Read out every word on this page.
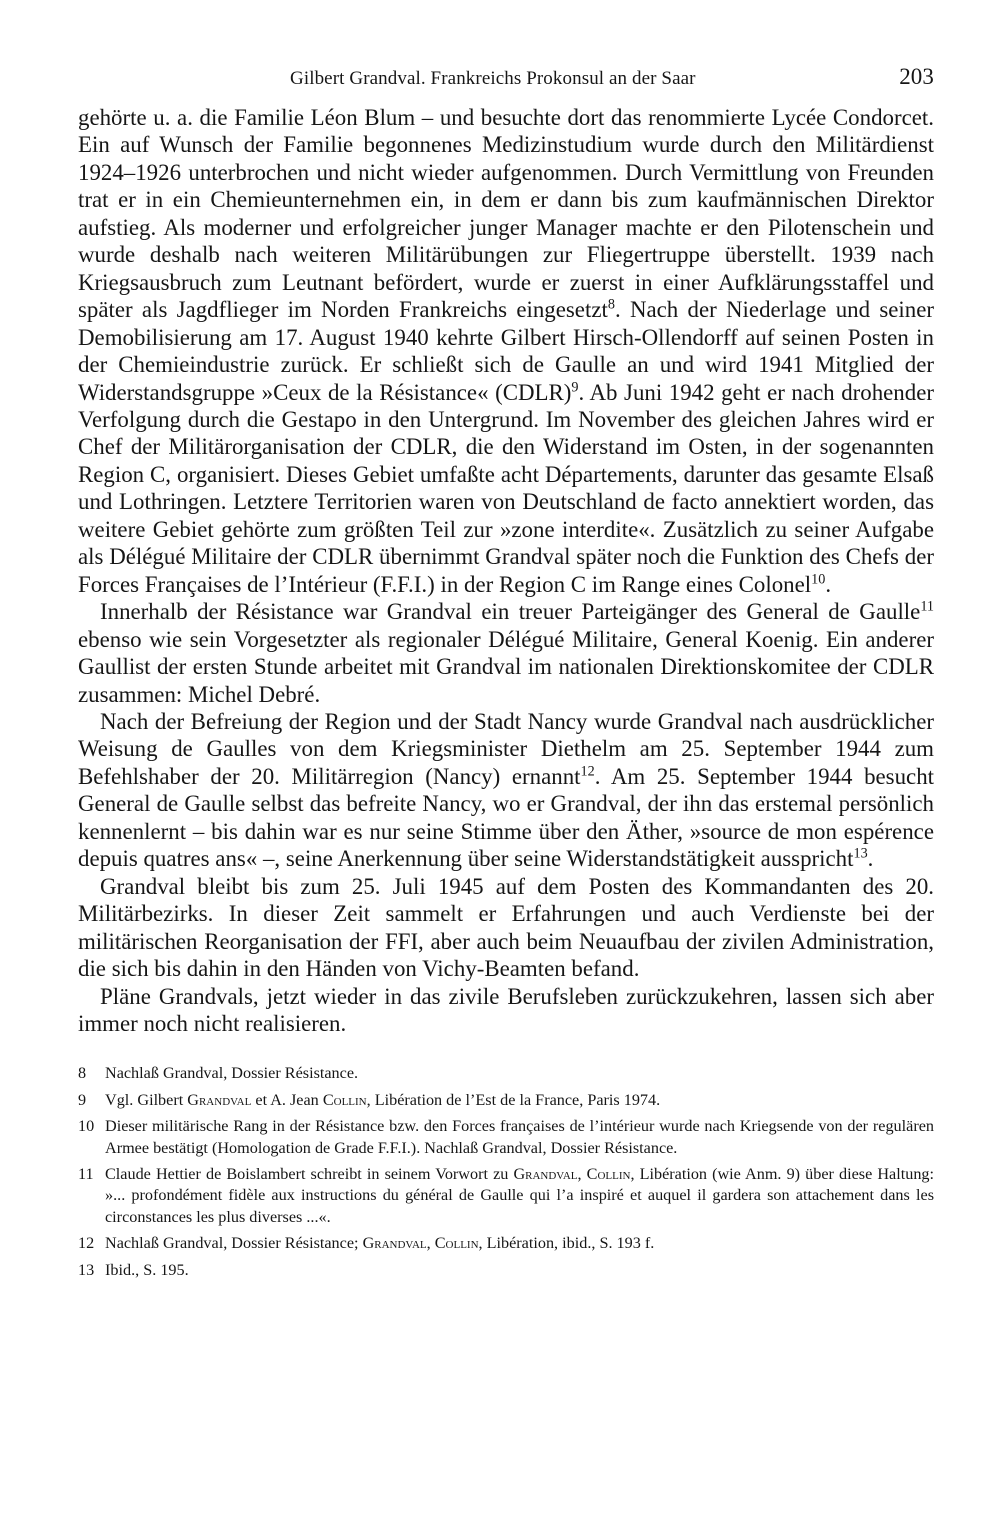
Gilbert Grandval. Frankreichs Prokonsul an der Saar	203

gehörte u. a. die Familie Léon Blum – und besuchte dort das renommierte Lycée Condorcet. Ein auf Wunsch der Familie begonnenes Medizinstudium wurde durch den Militärdienst 1924–1926 unterbrochen und nicht wieder aufgenommen. Durch Vermittlung von Freunden trat er in ein Chemieunternehmen ein, in dem er dann bis zum kaufmännischen Direktor aufstieg. Als moderner und erfolgreicher junger Manager machte er den Pilotenschein und wurde deshalb nach weiteren Militärübungen zur Fliegertruppe überstellt. 1939 nach Kriegsausbruch zum Leutnant befördert, wurde er zuerst in einer Aufklärungsstaffel und später als Jagdflieger im Norden Frankreichs eingesetzt$^8$. Nach der Niederlage und seiner Demobilisierung am 17. August 1940 kehrte Gilbert Hirsch-Ollendorff auf seinen Posten in der Chemieindustrie zurück. Er schließt sich de Gaulle an und wird 1941 Mitglied der Widerstandsgruppe »Ceux de la Résistance« (CDLR)$^9$. Ab Juni 1942 geht er nach drohender Verfolgung durch die Gestapo in den Untergrund. Im November des gleichen Jahres wird er Chef der Militärorganisation der CDLR, die den Widerstand im Osten, in der sogenannten Region C, organisiert. Dieses Gebiet umfaßte acht Départements, darunter das gesamte Elsaß und Lothringen. Letztere Territorien waren von Deutschland de facto annektiert worden, das weitere Gebiet gehörte zum größten Teil zur »zone interdite«. Zusätzlich zu seiner Aufgabe als Délégué Militaire der CDLR übernimmt Grandval später noch die Funktion des Chefs der Forces Françaises de l’Intérieur (F.F.I.) in der Region C im Range eines Colonel$^{10}$.

Innerhalb der Résistance war Grandval ein treuer Parteigänger des General de Gaulle$^{11}$ ebenso wie sein Vorgesetzter als regionaler Délégué Militaire, General Koenig. Ein anderer Gaullist der ersten Stunde arbeitet mit Grandval im nationalen Direktionskomitee der CDLR zusammen: Michel Debré.

Nach der Befreiung der Region und der Stadt Nancy wurde Grandval nach ausdrücklicher Weisung de Gaulles von dem Kriegsminister Diethelm am 25. September 1944 zum Befehlshaber der 20. Militärregion (Nancy) ernannt$^{12}$. Am 25. September 1944 besucht General de Gaulle selbst das befreite Nancy, wo er Grandval, der ihn das erstemal persönlich kennenlernt – bis dahin war es nur seine Stimme über den Äther, »source de mon espérence depuis quatres ans« –, seine Anerkennung über seine Widerstandstätigkeit ausspricht$^{13}$.

Grandval bleibt bis zum 25. Juli 1945 auf dem Posten des Kommandanten des 20. Militärbezirks. In dieser Zeit sammelt er Erfahrungen und auch Verdienste bei der militärischen Reorganisation der FFI, aber auch beim Neuaufbau der zivilen Administration, die sich bis dahin in den Händen von Vichy-Beamten befand.

Pläne Grandvals, jetzt wieder in das zivile Berufsleben zurückzukehren, lassen sich aber immer noch nicht realisieren.

8	Nachlaß Grandval, Dossier Résistance.
9	Vgl. Gilbert Grandval et A. Jean Collin, Libération de l’Est de la France, Paris 1974.
10 Dieser militärische Rang in der Résistance bzw. den Forces françaises de l’intérieur wurde nach Kriegsende von der regulären Armee bestätigt (Homologation de Grade F.F.I.). Nachlaß Grandval, Dossier Résistance.
11 Claude Hettier de Boislambert schreibt in seinem Vorwort zu Grandval, Collin, Libération (wie Anm. 9) über diese Haltung: »... profondément fidèle aux instructions du général de Gaulle qui l’a inspiré et auquel il gardera son attachement dans les circonstances les plus diverses ...«.
12 Nachlaß Grandval, Dossier Résistance; Grandval, Collin, Libération, ibid., S. 193 f.
13 Ibid., S. 195.
